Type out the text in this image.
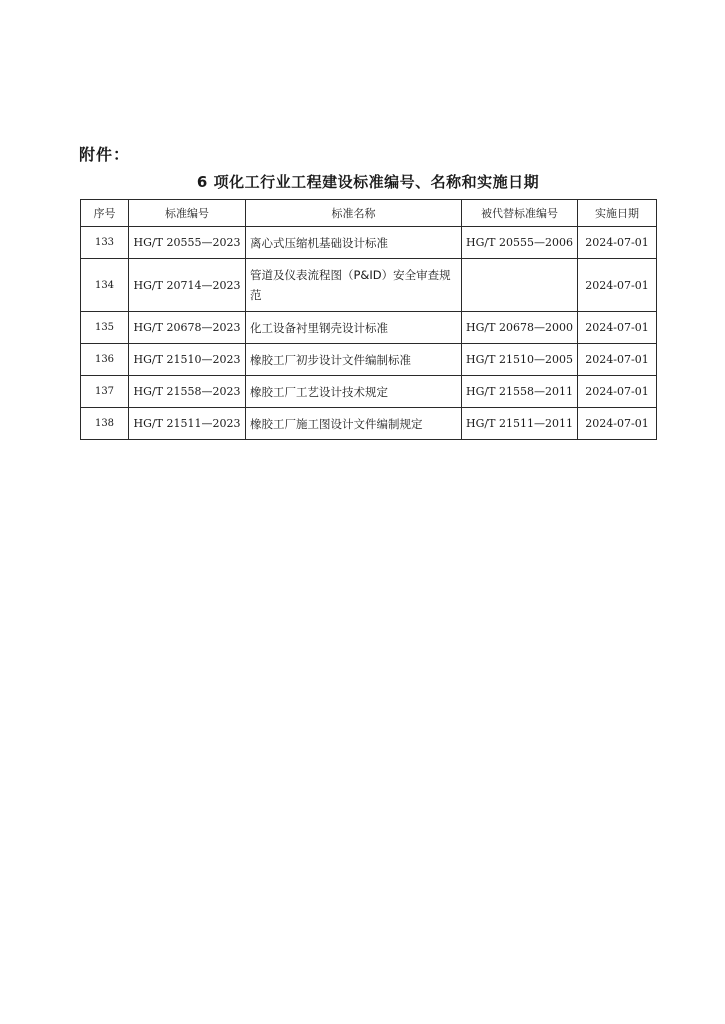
附件：
6 项化工行业工程建设标准编号、名称和实施日期
序号	标准编号	标准名称	被代替标准编号	实施日期
133	HG/T 20555—2023	离心式压缩机基础设计标准	HG/T 20555—2006	2024-07-01
134	HG/T 20714—2023	管道及仪表流程图（P&ID）安全审查规范		2024-07-01
135	HG/T 20678—2023	化工设备衬里钢壳设计标准	HG/T 20678—2000	2024-07-01
136	HG/T 21510—2023	橡胶工厂初步设计文件编制标准	HG/T 21510—2005	2024-07-01
137	HG/T 21558—2023	橡胶工厂工艺设计技术规定	HG/T 21558—2011	2024-07-01
138	HG/T 21511—2023	橡胶工厂施工图设计文件编制规定	HG/T 21511—2011	2024-07-01
